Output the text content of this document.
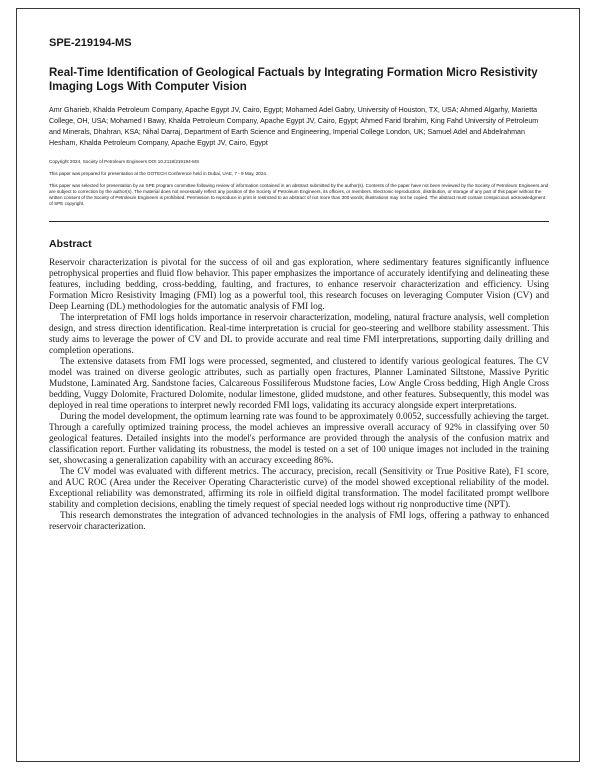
SPE-219194-MS
Real-Time Identification of Geological Factuals by Integrating Formation Micro Resistivity Imaging Logs With Computer Vision
Amr Gharieb, Khalda Petroleum Company, Apache Egypt JV, Cairo, Egypt; Mohamed Adel Gabry, University of Houston, TX, USA; Ahmed Algarhy, Marietta College, OH, USA; Mohamed I Bawy, Khalda Petroleum Company, Apache Egypt JV, Cairo, Egypt; Ahmed Farid Ibrahim, King Fahd University of Petroleum and Minerals, Dhahran, KSA; Nihal Darraj, Department of Earth Science and Engineering, Imperial College London, UK; Samuel Adel and Abdelrahman Hesham, Khalda Petroleum Company, Apache Egypt JV, Cairo, Egypt
Copyright 2024, Society of Petroleum Engineers DOI 10.2118/219194-MS
This paper was prepared for presentation at the GOTECH Conference held in Dubai, UAE, 7 - 9 May, 2024.
This paper was selected for presentation by an SPE program committee following review of information contained in an abstract submitted by the author(s). Contents of the paper have not been reviewed by the Society of Petroleum Engineers and are subject to correction by the author(s). The material does not necessarily reflect any position of the Society of Petroleum Engineers, its officers, or members. Electronic reproduction, distribution, or storage of any part of this paper without the written consent of the Society of Petroleum Engineers is prohibited. Permission to reproduce in print is restricted to an abstract of not more than 300 words; illustrations may not be copied. The abstract must contain conspicuous acknowledgment of SPE copyright.
Abstract

Reservoir characterization is pivotal for the success of oil and gas exploration, where sedimentary features significantly influence petrophysical properties and fluid flow behavior. This paper emphasizes the importance of accurately identifying and delineating these features, including bedding, cross-bedding, faulting, and fractures, to enhance reservoir characterization and efficiency. Using Formation Micro Resistivity Imaging (FMI) log as a powerful tool, this research focuses on leveraging Computer Vision (CV) and Deep Learning (DL) methodologies for the automatic analysis of FMI log.

The interpretation of FMI logs holds importance in reservoir characterization, modeling, natural fracture analysis, well completion design, and stress direction identification. Real-time interpretation is crucial for geo-steering and wellbore stability assessment. This study aims to leverage the power of CV and DL to provide accurate and real time FMI interpretations, supporting daily drilling and completion operations.

The extensive datasets from FMI logs were processed, segmented, and clustered to identify various geological features. The CV model was trained on diverse geologic attributes, such as partially open fractures, Planner Laminated Siltstone, Massive Pyritic Mudstone, Laminated Arg. Sandstone facies, Calcareous Fossiliferous Mudstone facies, Low Angle Cross bedding, High Angle Cross bedding, Vuggy Dolomite, Fractured Dolomite, nodular limestone, glided mudstone, and other features. Subsequently, this model was deployed in real time operations to interpret newly recorded FMI logs, validating its accuracy alongside expert interpretations.

During the model development, the optimum learning rate was found to be approximately 0.0052, successfully achieving the target. Through a carefully optimized training process, the model achieves an impressive overall accuracy of 92% in classifying over 50 geological features. Detailed insights into the model's performance are provided through the analysis of the confusion matrix and classification report. Further validating its robustness, the model is tested on a set of 100 unique images not included in the training set, showcasing a generalization capability with an accuracy exceeding 86%.

The CV model was evaluated with different metrics. The accuracy, precision, recall (Sensitivity or True Positive Rate), F1 score, and AUC ROC (Area under the Receiver Operating Characteristic curve) of the model showed exceptional reliability of the model. Exceptional reliability was demonstrated, affirming its role in oilfield digital transformation. The model facilitated prompt wellbore stability and completion decisions, enabling the timely request of special needed logs without rig nonproductive time (NPT).

This research demonstrates the integration of advanced technologies in the analysis of FMI logs, offering a pathway to enhanced reservoir characterization.
